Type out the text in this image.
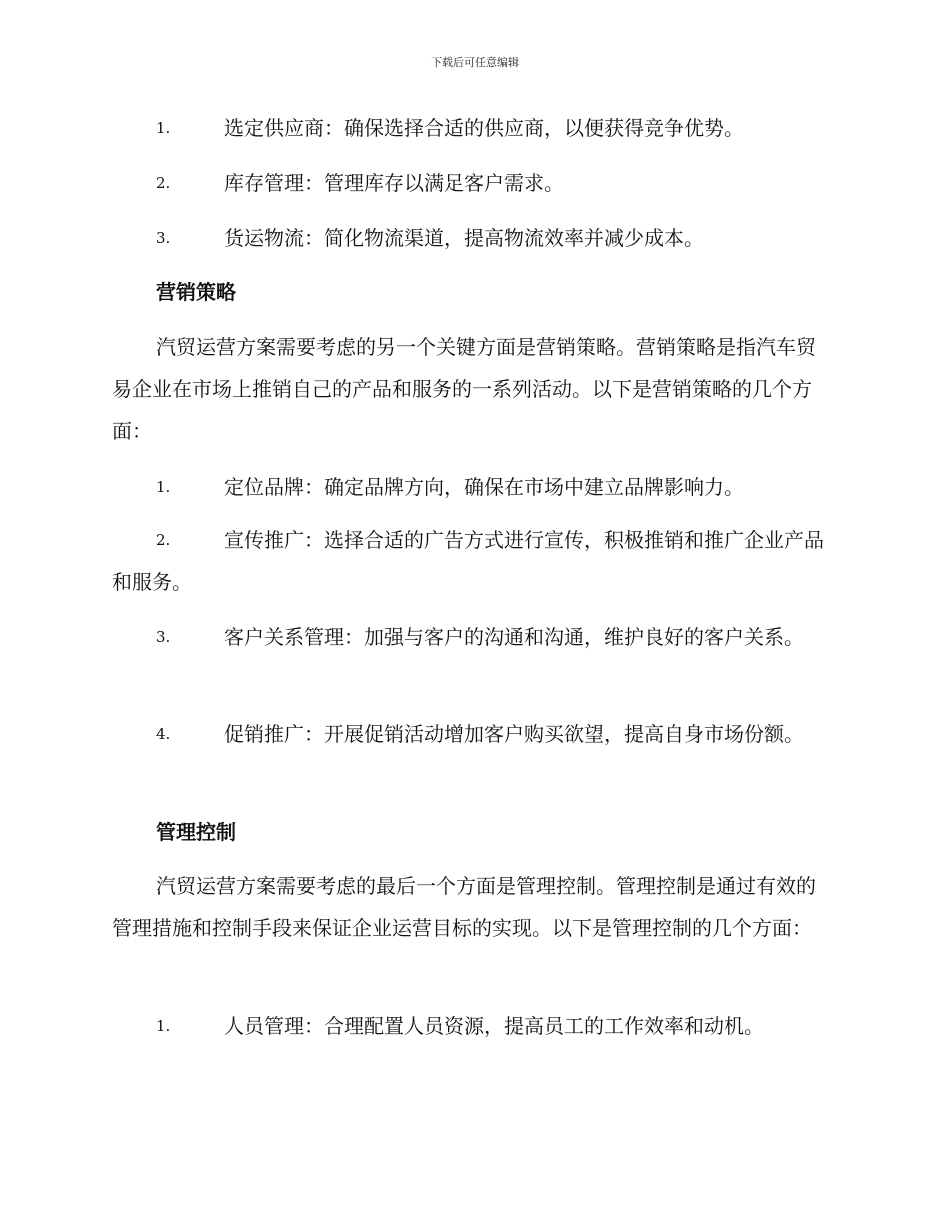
下载后可任意编辑
1.	选定供应商：确保选择合适的供应商，以便获得竞争优势。
2.	库存管理：管理库存以满足客户需求。
3.	货运物流：简化物流渠道，提高物流效率并减少成本。
营销策略
汽贸运营方案需要考虑的另一个关键方面是营销策略。营销策略是指汽车贸易企业在市场上推销自己的产品和服务的一系列活动。以下是营销策略的几个方面：
1.	定位品牌：确定品牌方向，确保在市场中建立品牌影响力。
2.	宣传推广：选择合适的广告方式进行宣传，积极推销和推广企业产品和服务。
3.	客户关系管理：加强与客户的沟通和沟通，维护良好的客户关系。
4.	促销推广：开展促销活动增加客户购买欲望，提高自身市场份额。
管理控制
汽贸运营方案需要考虑的最后一个方面是管理控制。管理控制是通过有效的管理措施和控制手段来保证企业运营目标的实现。以下是管理控制的几个方面：
1.	人员管理：合理配置人员资源，提高员工的工作效率和动机。
